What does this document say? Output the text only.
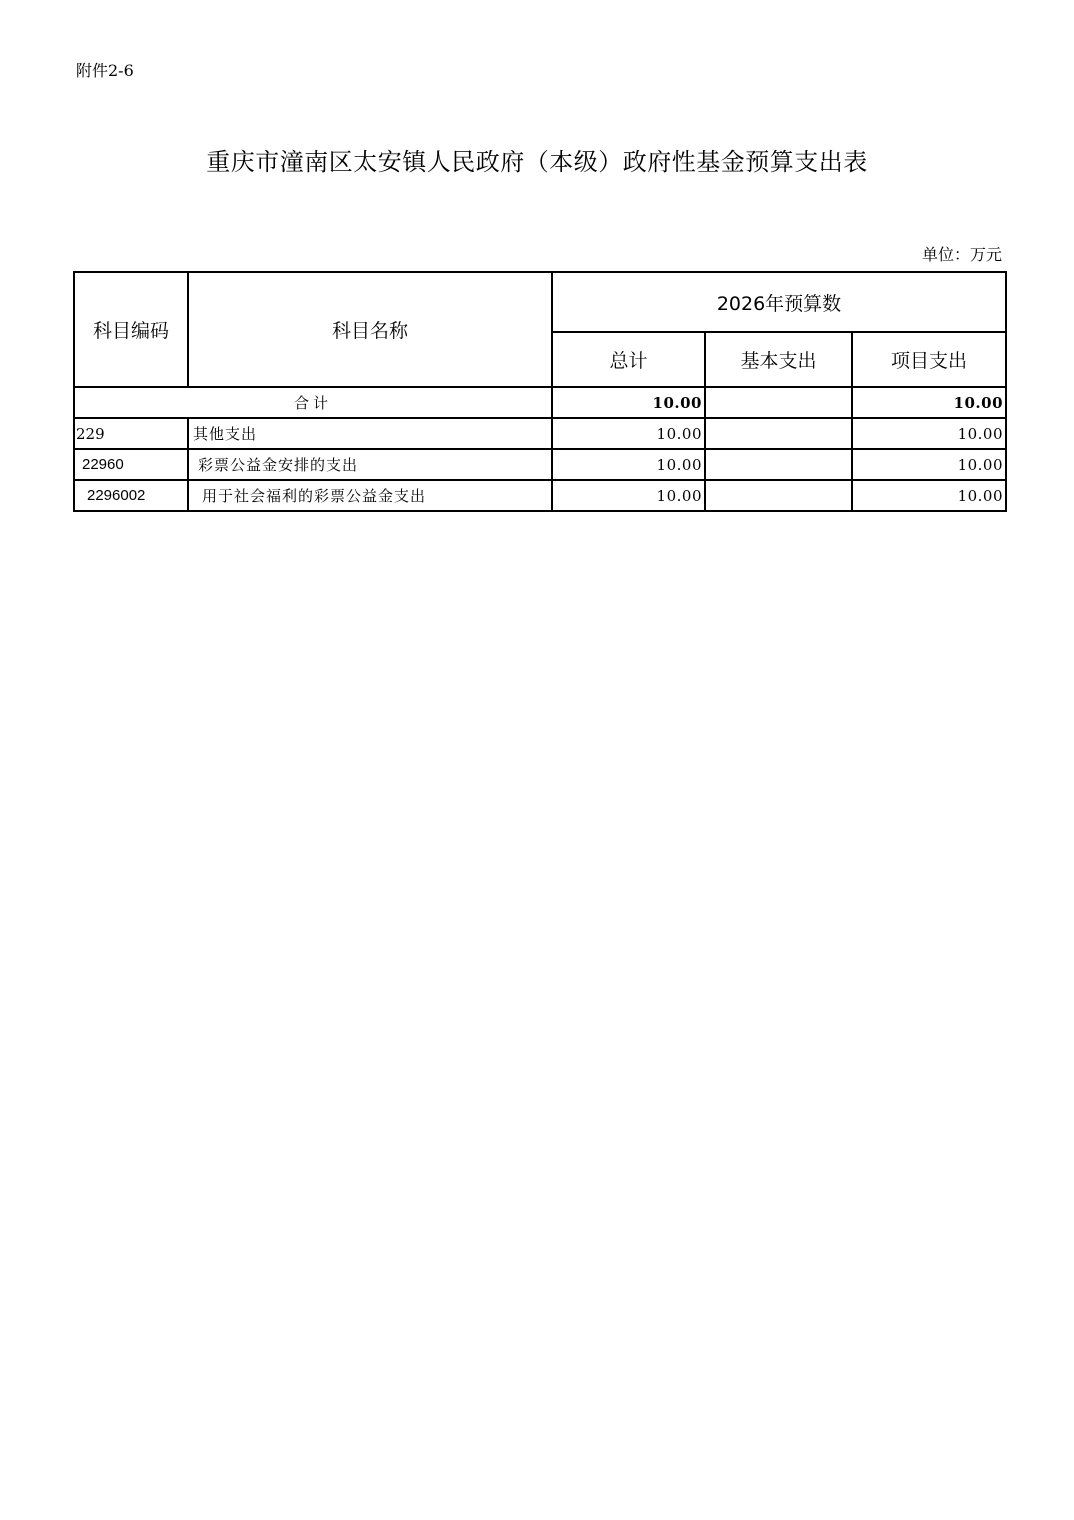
附件2-6
重庆市潼南区太安镇人民政府（本级）政府性基金预算支出表
单位：万元
科目编码	科目名称	2026年预算数		
		总计	基本支出	项目支出
合计		10.00		10.00
229	其他支出	10.00		10.00
22960	彩票公益金安排的支出	10.00		10.00
2296002	用于社会福利的彩票公益金支出	10.00		10.00
